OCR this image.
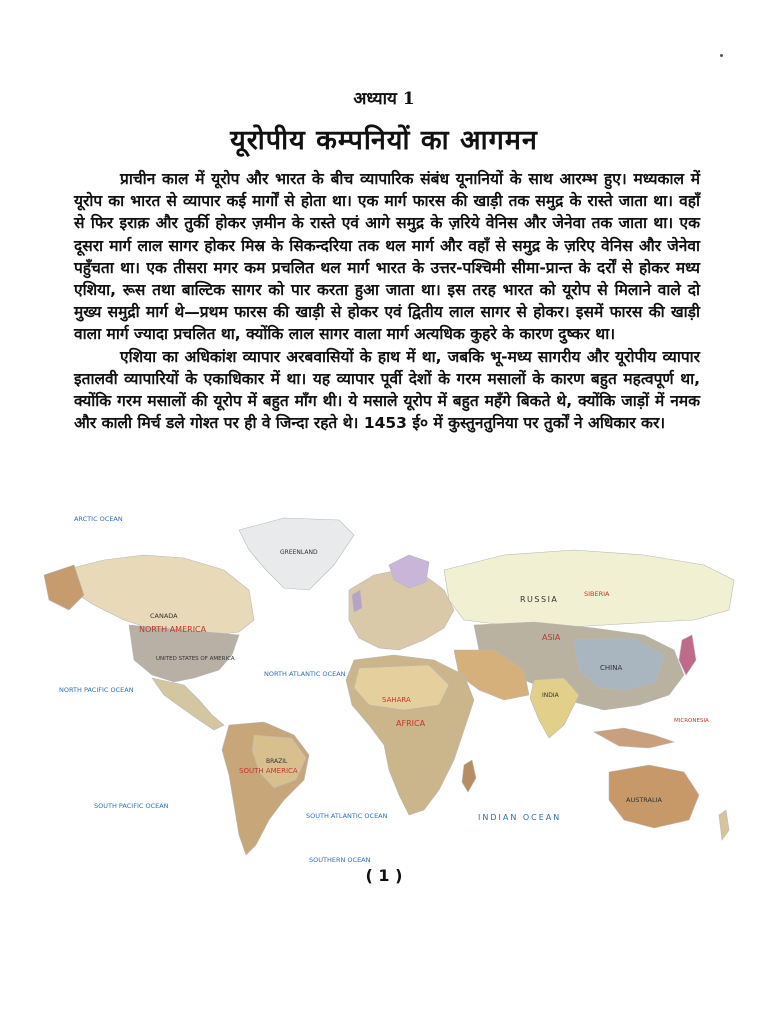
अध्याय 1
यूरोपीय कम्पनियों का आगमन

प्राचीन काल में यूरोप और भारत के बीच व्यापारिक संबंध यूनानियों के साथ आरम्भ हुए। मध्यकाल में यूरोप का भारत से व्यापार कई मार्गों से होता था। एक मार्ग फारस की खाड़ी तक समुद्र के रास्ते जाता था। वहाँ से फिर इराक़ और तुर्की होकर ज़मीन के रास्ते एवं आगे समुद्र के ज़रिये वेनिस और जेनेवा तक जाता था। एक दूसरा मार्ग लाल सागर होकर मिस्र के सिकन्दरिया तक थल मार्ग और वहाँ से समुद्र के ज़रिए वेनिस और जेनेवा पहुँचता था। एक तीसरा मगर कम प्रचलित थल मार्ग भारत के उत्तर-पश्चिमी सीमा-प्रान्त के दर्रों से होकर मध्य एशिया, रूस तथा बाल्टिक सागर को पार करता हुआ जाता था। इस तरह भारत को यूरोप से मिलाने वाले दो मुख्य समुद्री मार्ग थे—प्रथम फारस की खाड़ी से होकर एवं द्वितीय लाल सागर से होकर। इसमें फारस की खाड़ी वाला मार्ग ज्यादा प्रचलित था, क्योंकि लाल सागर वाला मार्ग अत्यधिक कुहरे के कारण दुष्कर था।

एशिया का अधिकांश व्यापार अरबवासियों के हाथ में था, जबकि भू-मध्य सागरीय और यूरोपीय व्यापार इतालवी व्यापारियों के एकाधिकार में था। यह व्यापार पूर्वी देशों के गरम मसालों के कारण बहुत महत्वपूर्ण था, क्योंकि गरम मसालों की यूरोप में बहुत माँग थी। ये मसाले यूरोप में बहुत महँगे बिकते थे, क्योंकि जाड़ों में नमक और काली मिर्च डले गोश्त पर ही वे जिन्दा रहते थे। 1453 ई० में कुस्तुनतुनिया पर तुर्कों ने अधिकार कर।

ARCTIC OCEAN
NORTH PACIFIC OCEAN
NORTH ATLANTIC OCEAN
SOUTH PACIFIC OCEAN
SOUTH ATLANTIC OCEAN	INDIAN OCEAN
SOUTHERN OCEAN
NORTH AMERICA
SOUTH AMERICA
AFRICA
ASIA
AUSTRALIA
SAHARA
GREENLAND
CANADA
UNITED STATES OF AMERICA
RUSSIA
SIBERIA
BRAZIL
CHINA
INDIA
MICRONESIA
( 1 )
